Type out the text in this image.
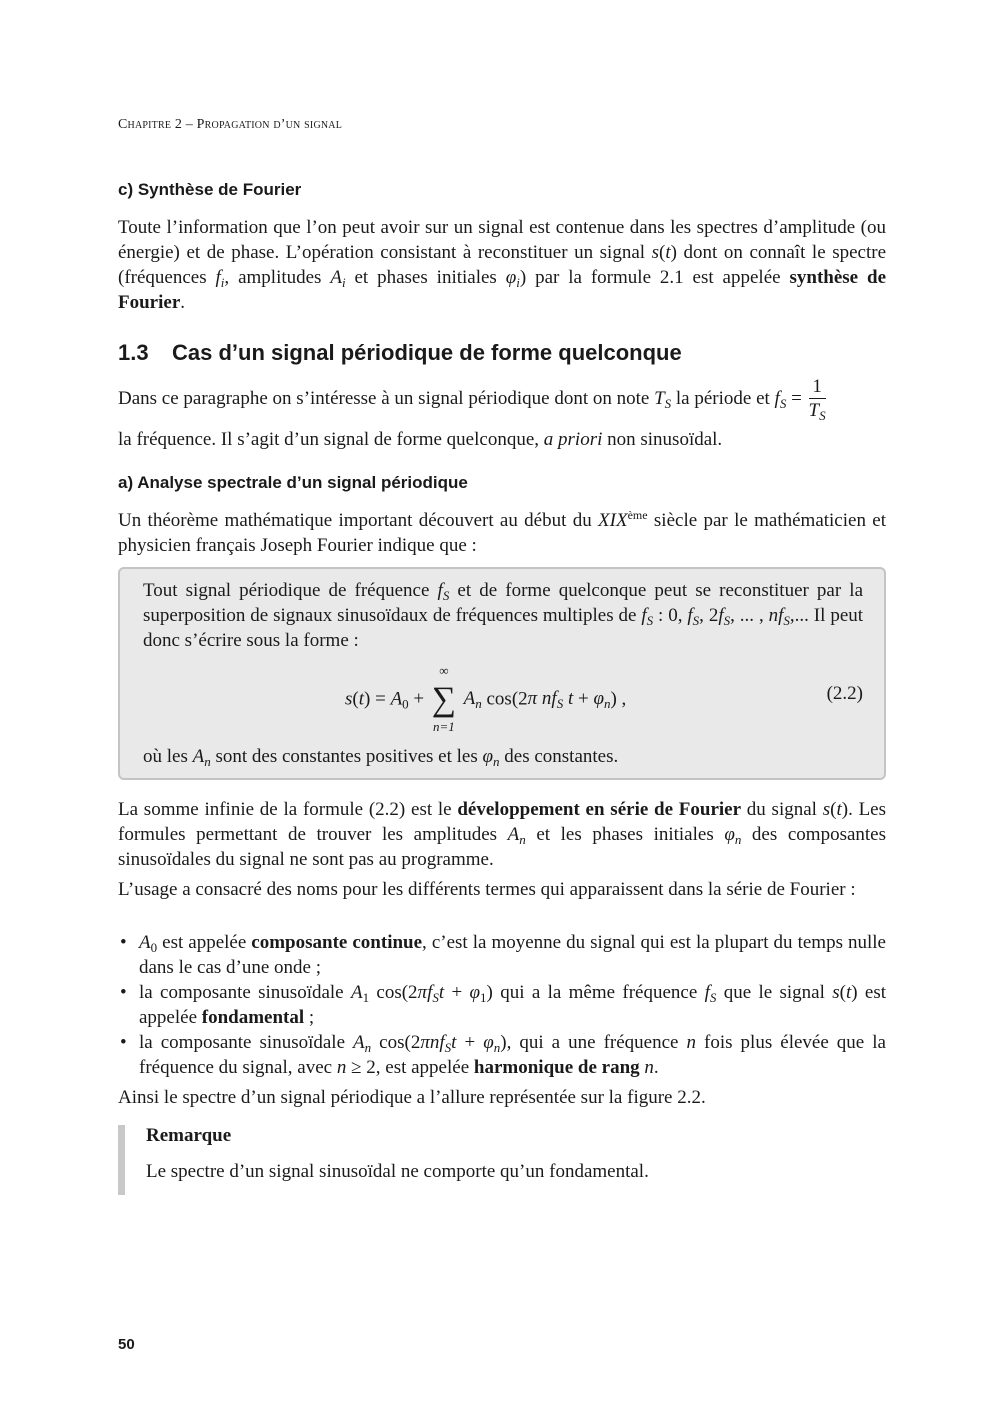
Chapitre 2 – Propagation d’un signal
c) Synthèse de Fourier

Toute l’information que l’on peut avoir sur un signal est contenue dans les spectres d’amplitude (ou énergie) et de phase. L’opération consistant à reconstituer un signal s(t) dont on connaît le spectre (fréquences $f_i$, amplitudes $A_i$ et phases initiales $\varphi_i$) par la formule 2.1 est appelée synthèse de Fourier.

1.3 Cas d’un signal périodique de forme quelconque

Dans ce paragraphe on s’intéresse à un signal périodique dont on note $T_S$ la période et $f_S = \frac{1}{T_S}$

la fréquence. Il s’agit d’un signal de forme quelconque, a priori non sinusoïdal.

a) Analyse spectrale d’un signal périodique

Un théorème mathématique important découvert au début du XIXème siècle par le mathématicien et physicien français Joseph Fourier indique que :

Tout signal périodique de fréquence $f_S$ et de forme quelconque peut se reconstituer par la superposition de signaux sinusoïdaux de fréquences multiples de $f_S$ : 0, $f_S$, $2f_S$, ... , $nf_S$,... Il peut donc s’écrire sous la forme :

$s(t) = A_0$ +
∞
∑
n=1
$A_n$ cos(2π $nf_S$ $t + \varphi_n$) ,	(2.2)

où les $A_n$ sont des constantes positives et les $\varphi_n$ des constantes.

La somme infinie de la formule (2.2) est le développement en série de Fourier du signal s(t). Les formules permettant de trouver les amplitudes $A_n$ et les phases initiales $\varphi_n$ des composantes sinusoïdales du signal ne sont pas au programme.

L’usage a consacré des noms pour les différents termes qui apparaissent dans la série de Fourier :

• $A_0$ est appelée composante continue, c’est la moyenne du signal qui est la plupart du temps nulle dans le cas d’une onde ;
• la composante sinusoïdale $A_1$ $\cos(2\pi f_St + \varphi_1)$ qui a la même fréquence $f_S$ que le signal s(t) est appelée fondamental ;
• la composante sinusoïdale $A_n$ $\cos(2\pi nf_St + \varphi_n)$, qui a une fréquence n fois plus élevée que la fréquence du signal, avec n ≥ 2, est appelée harmonique de rang n.

Ainsi le spectre d’un signal périodique a l’allure représentée sur la figure 2.2.

Remarque
Le spectre d’un signal sinusoïdal ne comporte qu’un fondamental.
50
